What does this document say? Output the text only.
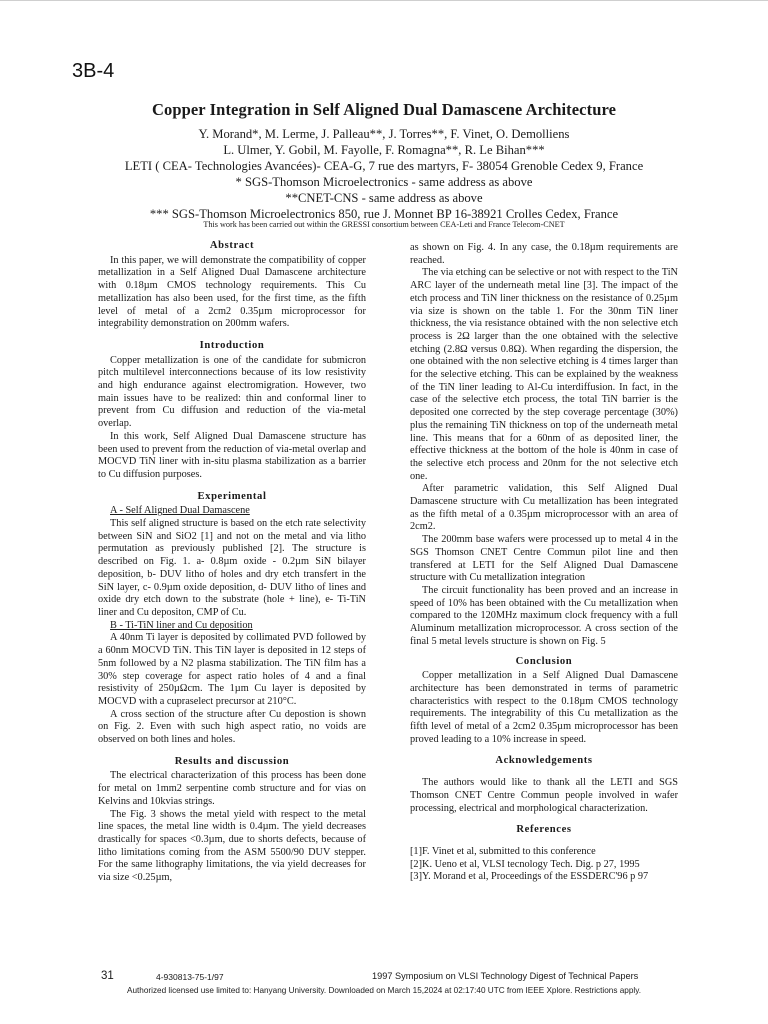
3B-4
Copper Integration in Self Aligned Dual Damascene Architecture
Y. Morand*, M. Lerme, J. Palleau**, J. Torres**, F. Vinet, O. Demolliens
L. Ulmer, Y. Gobil, M. Fayolle, F. Romagna**, R. Le Bihan***
LETI ( CEA- Technologies Avancées)- CEA-G, 7 rue des martyrs, F- 38054 Grenoble Cedex 9, France
* SGS-Thomson Microelectronics - same address as above
**CNET-CNS - same address as above
*** SGS-Thomson Microelectronics 850, rue J. Monnet BP 16-38921 Crolles Cedex, France
This work has been carried out within the GRESSI consortium between CEA-Leti and France Telecom-CNET
Abstract

In this paper, we will demonstrate the compatibility of copper metallization in a Self Aligned Dual Damascene architecture with 0.18µm CMOS technology requirements. This Cu metallization has also been used, for the first time, as the fifth level of metal of a 2cm2 0.35µm microprocessor for integrability demonstration on 200mm wafers.

Introduction

Copper metallization is one of the candidate for submicron pitch multilevel interconnections because of its low resistivity and high endurance against electromigration. However, two main issues have to be realized: thin and conformal liner to prevent from Cu diffusion and reduction of the via-metal overlap.

In this work, Self Aligned Dual Damascene structure has been used to prevent from the reduction of via-metal overlap and MOCVD TiN liner with in-situ plasma stabilization as a barrier to Cu diffusion purposes.

Experimental

A - Self Aligned Dual Damascene

This self aligned structure is based on the etch rate selectivity between SiN and SiO2 [1] and not on the metal and via litho permutation as previously published [2]. The structure is described on Fig. 1. a- 0.8µm oxide - 0.2µm SiN bilayer deposition, b- DUV litho of holes and dry etch transfert in the SiN layer, c- 0.9µm oxide deposition, d- DUV litho of lines and oxide dry etch down to the substrate (hole + line), e- Ti-TiN liner and Cu depositon, CMP of Cu.

B - Ti-TiN liner and Cu deposition

A 40nm Ti layer is deposited by collimated PVD followed by a 60nm MOCVD TiN. This TiN layer is deposited in 12 steps of 5nm followed by a N2 plasma stabilization. The TiN film has a 30% step coverage for aspect ratio holes of 4 and a final resistivity of 250µΩcm. The 1µm Cu layer is deposited by MOCVD with a cupraselect precursor at 210°C.

A cross section of the structure after Cu depostion is shown on Fig. 2. Even with such high aspect ratio, no voids are observed on both lines and holes.

Results and discussion

The electrical characterization of this process has been done for metal on 1mm2 serpentine comb structure and for vias on Kelvins and 10kvias strings.

The Fig. 3 shows the metal yield with respect to the metal line spaces, the metal line width is 0.4µm. The yield decreases drastically for spaces <0.3µm, due to shorts defects, because of litho limitations coming from the ASM 5500/90 DUV stepper. For the same lithography limitations, the via yield decreases for via size <0.25µm,

as shown on Fig. 4. In any case, the 0.18µm requirements are reached.

The via etching can be selective or not with respect to the TiN ARC layer of the underneath metal line [3]. The impact of the etch process and TiN liner thickness on the resistance of 0.25µm via size is shown on the table 1. For the 30nm TiN liner thickness, the via resistance obtained with the non selective etch process is 2Ω larger than the one obtained with the selective etching (2.8Ω versus 0.8Ω). When regarding the dispersion, the one obtained with the non selective etching is 4 times larger than for the selective etching. This can be explained by the weakness of the TiN liner leading to Al-Cu interdiffusion. In fact, in the case of the selective etch process, the total TiN barrier is the deposited one corrected by the step coverage percentage (30%) plus the remaining TiN thickness on top of the underneath metal line. This means that for a 60nm of as deposited liner, the effective thickness at the bottom of the hole is 40nm in case of the selective etch process and 20nm for the not selective etch one.

After parametric validation, this Self Aligned Dual Damascene structure with Cu metallization has been integrated as the fifth metal of a 0.35µm microprocessor with an area of 2cm2.

The 200mm base wafers were processed up to metal 4 in the SGS Thomson CNET Centre Commun pilot line and then transfered at LETI for the Self Aligned Dual Damascene structure with Cu metallization integration

The circuit functionality has been proved and an increase in speed of 10% has been obtained with the Cu metallization when compared to the 120MHz maximum clock frequency with a full Aluminum metallization microprocessor. A cross section of the final 5 metal levels structure is shown on Fig. 5

Conclusion

Copper metallization in a Self Aligned Dual Damascene architecture has been demonstrated in terms of parametric characteristics with respect to the 0.18µm CMOS technology requirements. The integrability of this Cu metallization as the fifth level of metal of a 2cm2 0.35µm microprocessor has been proved leading to a 10% increase in speed.

Acknowledgements

The authors would like to thank all the LETI and SGS Thomson CNET Centre Commun people involved in wafer processing, electrical and morphological characterization.

References

[1]F. Vinet et al, submitted to this conference

[2]K. Ueno et al, VLSI tecnology Tech. Dig. p 27, 1995

[3]Y. Morand et al, Proceedings of the ESSDERC'96 p 97

31	4-930813-75-1/97	1997 Symposium on VLSI Technology Digest of Technical Papers
Authorized licensed use limited to: Hanyang University. Downloaded on March 15,2024 at 02:17:40 UTC from IEEE Xplore. Restrictions apply.
